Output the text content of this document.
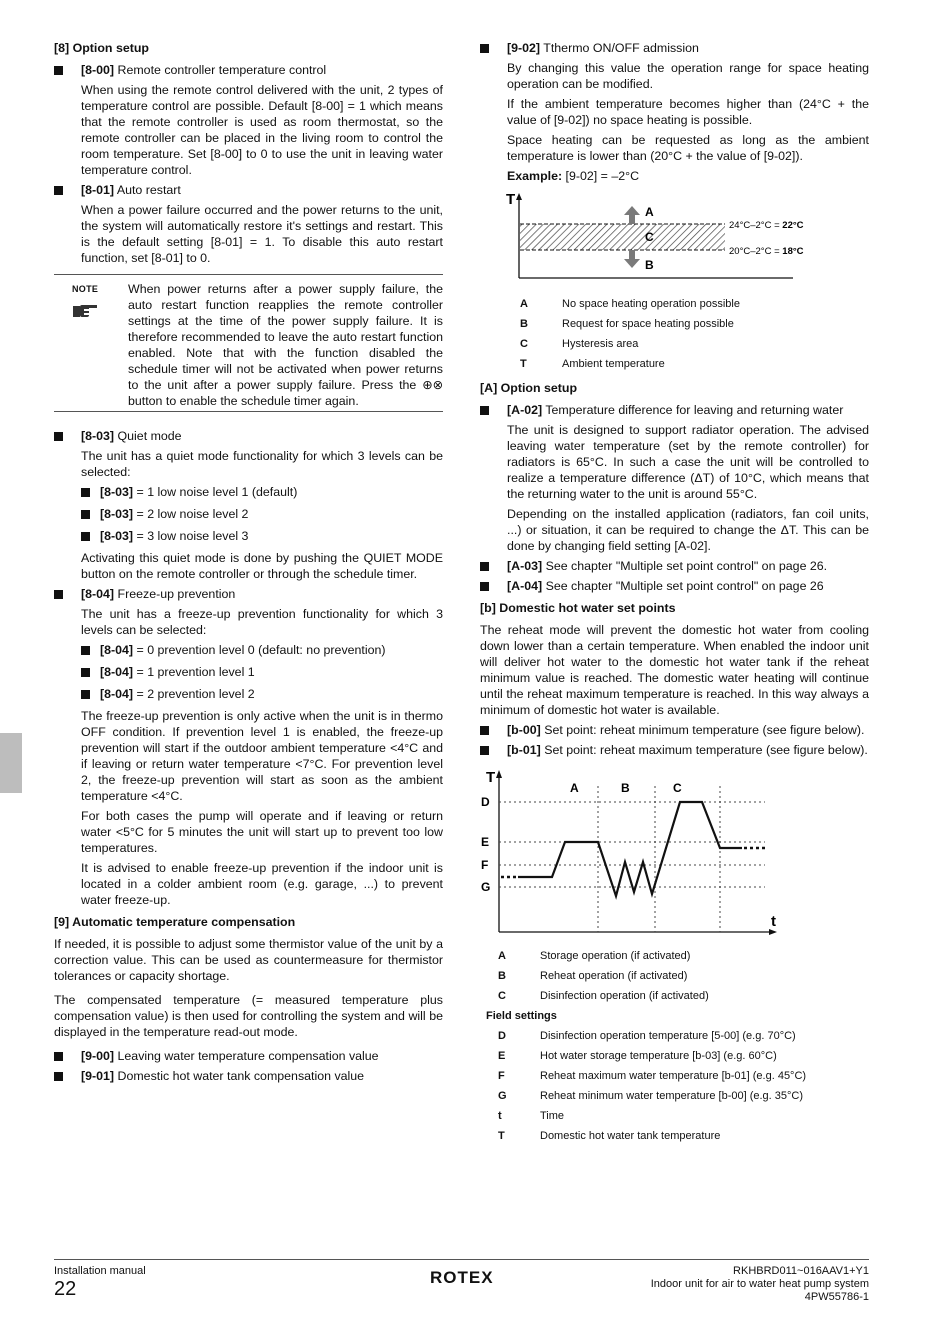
[8] Option setup
[8-00] Remote controller temperature control

When using the remote control delivered with the unit, 2 types of temperature control are possible. Default [8-00] = 1 which means that the remote controller is used as room thermostat, so the remote controller can be placed in the living room to control the room temperature. Set [8-00] to 0 to use the unit in leaving water temperature control.

[8-01] Auto restart

When a power failure occurred and the power returns to the unit, the system will automatically restore it's settings and restart. This is the default setting [8-01] = 1. To disable this auto restart function, set [8-01] to 0.

NOTE	When power returns after a power supply failure, the auto restart function reapplies the remote controller settings at the time of the power supply failure. It is therefore recommended to leave the auto restart function enabled. Note that with the function disabled the schedule timer will not be activated when power returns to the unit after a power supply failure. Press the ⊕⊗ button to enable the schedule timer again.
[8-03] Quiet mode

The unit has a quiet mode functionality for which 3 levels can be selected:

[8-03] = 1 low noise level 1 (default)
[8-03] = 2 low noise level 2
[8-03] = 3 low noise level 3

Activating this quiet mode is done by pushing the QUIET MODE button on the remote controller or through the schedule timer.

[8-04] Freeze-up prevention

The unit has a freeze-up prevention functionality for which 3 levels can be selected:

[8-04] = 0 prevention level 0 (default: no prevention)
[8-04] = 1 prevention level 1
[8-04] = 2 prevention level 2

The freeze-up prevention is only active when the unit is in thermo OFF condition. If prevention level 1 is enabled, the freeze-up prevention will start if the outdoor ambient temperature <4°C and if leaving or return water temperature <7°C. For prevention level 2, the freeze-up prevention will start as soon as the ambient temperature <4°C.

For both cases the pump will operate and if leaving or return water <5°C for 5 minutes the unit will start up to prevent too low temperatures.

It is advised to enable freeze-up prevention if the indoor unit is located in a colder ambient room (e.g. garage, ...) to prevent water freeze-up.

[9] Automatic temperature compensation

If needed, it is possible to adjust some thermistor value of the unit by a correction value. This can be used as countermeasure for thermistor tolerances or capacity shortage.

The compensated temperature (= measured temperature plus compensation value) is then used for controlling the system and will be displayed in the temperature read-out mode.

[9-00] Leaving water temperature compensation value
[9-01] Domestic hot water tank compensation value
[9-02] Tthermo ON/OFF admission

By changing this value the operation range for space heating operation can be modified.

If the ambient temperature becomes higher than (24°C + the value of [9-02]) no space heating is possible.

Space heating can be requested as long as the ambient temperature is lower than (20°C + the value of [9-02]).

Example: [9-02] = –2°C

T
A
C
B
24°C–2°C = 22°C
20°C–2°C = 18°C
A	No space heating operation possible
B	Request for space heating possible
C	Hysteresis area
T	Ambient temperature
[A] Option setup
[A-02] Temperature difference for leaving and returning water

The unit is designed to support radiator operation. The advised leaving water temperature (set by the remote controller) for radiators is 65°C. In such a case the unit will be controlled to realize a temperature difference (ΔT) of 10°C, which means that the returning water to the unit is around 55°C.

Depending on the installed application (radiators, fan coil units, ...) or situation, it can be required to change the ΔT. This can be done by changing field setting [A-02].

[A-03] See chapter "Multiple set point control" on page 26.
[A-04] See chapter "Multiple set point control" on page 26
[b] Domestic hot water set points

The reheat mode will prevent the domestic hot water from cooling down lower than a certain temperature. When enabled the indoor unit will deliver hot water to the domestic hot water tank if the reheat minimum value is reached. The domestic water heating will continue until the reheat maximum temperature is reached. In this way always a minimum of domestic hot water is available.

[b-00] Set point: reheat minimum temperature (see figure below).
[b-01] Set point: reheat maximum temperature (see figure below).
T
t
D
E
F
G
A	B	C
A	Storage operation (if activated)
B	Reheat operation (if activated)
C	Disinfection operation (if activated)
Field settings
D	Disinfection operation temperature [5-00] (e.g. 70°C)
E	Hot water storage temperature [b-03] (e.g. 60°C)
F	Reheat maximum water temperature [b-01] (e.g. 45°C)
G	Reheat minimum water temperature [b-00] (e.g. 35°C)
t	Time
T	Domestic hot water tank temperature
Installation manual
22
ROTEX	RKHBRD011~016AAV1+Y1
Indoor unit for air to water heat pump system
4PW55786-1
